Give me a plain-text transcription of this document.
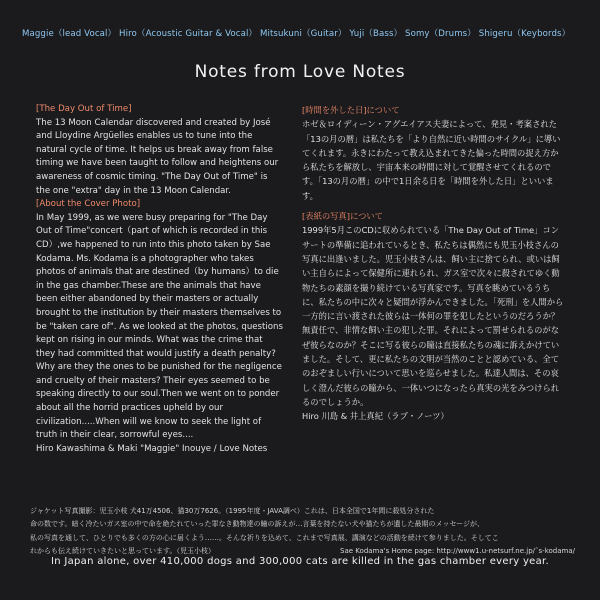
Maggie（lead Vocal） Hiro（Acoustic Guitar & Vocal） Mitsukuni（Guitar） Yuji（Bass） Somy（Drums） Shigeru（Keybords）
Notes from Love Notes
[The Day Out of Time]

The 13 Moon Calendar discovered and created by José and Lloydine Argüelles enables us to tune into the natural cycle of time. It helps us break away from false timing we have been taught to follow and heightens our awareness of cosmic timing. "The Day Out of Time" is the one "extra" day in the 13 Moon Calendar.

[About the Cover Photo]

In May 1999, as we were busy preparing for "The Day Out of Time"concert（part of which is recorded in this CD）,we happened to run into this photo taken by Sae Kodama. Ms. Kodama is a photographer who takes photos of animals that are destined（by humans）to die in the gas chamber.These are the animals that have been either abandoned by their masters or actually brought to the institution by their masters themselves to be "taken care of". As we looked at the photos, questions kept on rising in our minds. What was the crime that they had committed that would justify a death penalty? Why are they the ones to be punished for the negligence and cruelty of their masters? Their eyes seemed to be speaking directly to our soul.Then we went on to ponder about all the horrid practices upheld by our civilization.....When will we know to seek the light of truth in their clear, sorrowful eyes....

Hiro Kawashima & Maki "Maggie" Inouye / Love Notes

[時間を外した日]について

ホゼ＆ロイディーン・アグエイアス夫妻によって、発見・考案された「13の月の暦」は私たちを「より自然に近い時間のサイクル」に導いてくれます。永きにわたって教え込まれてきた偏った時間の捉え方から私たちを解放し、宇宙本来の時間に対して覚醒させてくれるのです。「13の月の暦」の中で1日余る日を「時間を外した日」といいます。

[表紙の写真]について

1999年5月このCDに収められている「The Day Out of Time」コンサートの準備に追われているとき、私たちは偶然にも児玉小枝さんの写真に出逢いました。児玉小枝さんは、飼い主に捨てられ、或いは飼い主自らによって保健所に連れられ、ガス室で次々に殺されてゆく動物たちの素顔を撮り続けている写真家です。写真を眺めているうちに、私たちの中に次々と疑問が浮かんできました。「死刑」を人間から一方的に言い渡された彼らは一体何の罪を犯したというのだろうか？無責任で、非情な飼い主の犯した罪。それによって罰せられるのがなぜ彼らなのか？そこに写る彼らの瞳は直接私たちの魂に訴えかけていました。そして、更に私たちの文明が当然のことと認めている、全てのおぞましい行いについて思いを巡らせました。私達人間は、その哀しく澄んだ彼らの瞳から、一体いつになったら真実の光をみつけられるのでしょうか。

Hiro 川島 & 井上真紀（ラブ・ノーツ）

ジャケット写真撮影：児玉小枝 犬41万4506、猫30万7626。（1995年度・JAVA調べ）これは、日本全国で1年間に殺処分された
命の数です。暗く冷たいガス室の中で命を絶たれていった罪なき動物達の瞳の訴えが…言葉を持たない犬や猫たちが遺した最期のメッセージが、
私の写真を通して、ひとりでも多くの方の心に届くよう……。そんな祈りを込めて、これまで写真展、講演などの活動を続けて参りました。そしてこ
れからも伝え続けていきたいと思っています。（児玉小枝）	Sae Kodama's Home page: http://www1.u-netsurf.ne.jp/˜s-kodama/
In Japan alone, over 410,000 dogs and 300,000 cats are killed in the gas chamber every year.
